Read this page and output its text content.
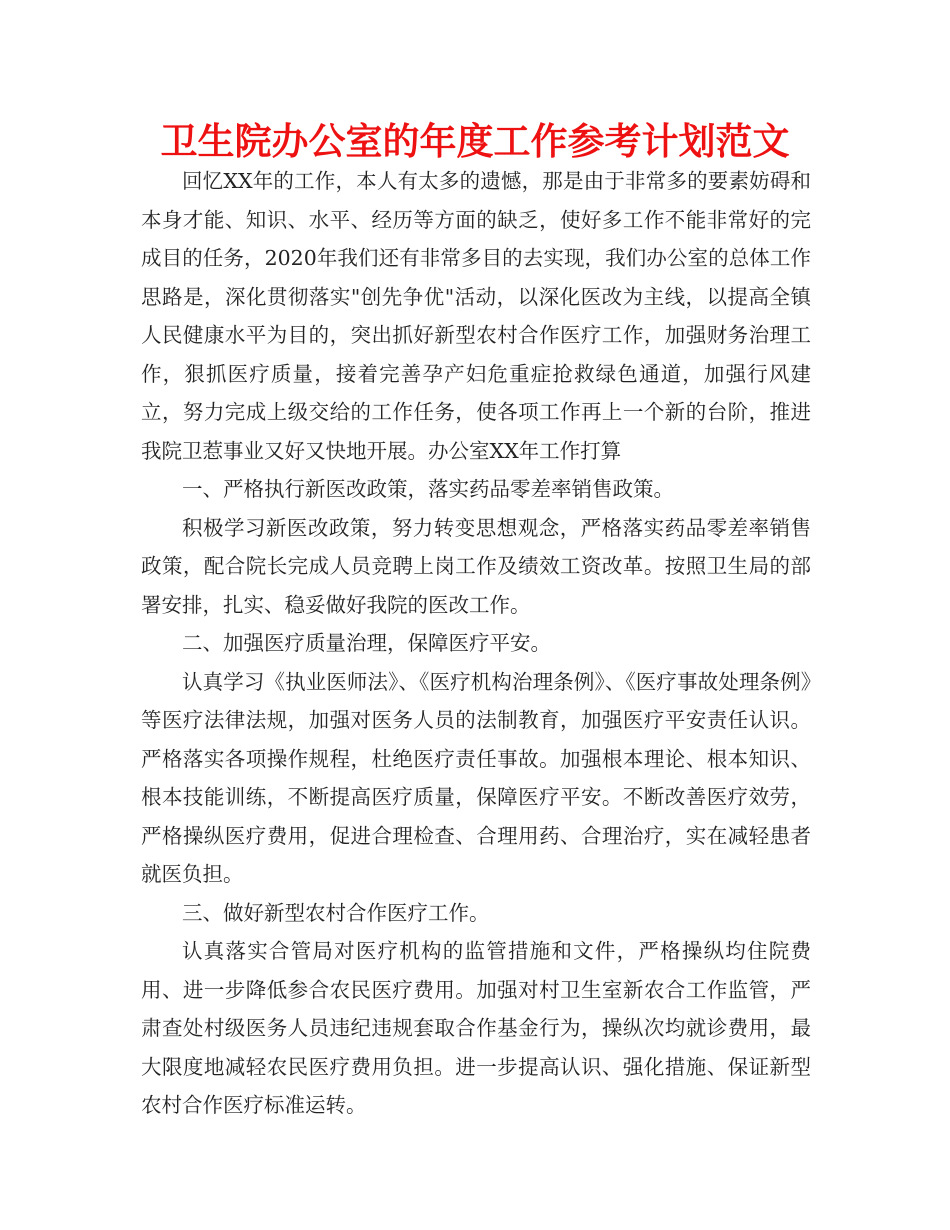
卫生院办公室的年度工作参考计划范文

回忆XX年的工作，本人有太多的遗憾，那是由于非常多的要素妨碍和本身才能、知识、水平、经历等方面的缺乏，使好多工作不能非常好的完成目的任务，2020年我们还有非常多目的去实现，我们办公室的总体工作思路是，深化贯彻落实"创先争优"活动，以深化医改为主线，以提高全镇人民健康水平为目的，突出抓好新型农村合作医疗工作，加强财务治理工作，狠抓医疗质量，接着完善孕产妇危重症抢救绿色通道，加强行风建立，努力完成上级交给的工作任务，使各项工作再上一个新的台阶，推进我院卫惹事业又好又快地开展。办公室XX年工作打算

一、严格执行新医改政策，落实药品零差率销售政策。

积极学习新医改政策，努力转变思想观念，严格落实药品零差率销售政策，配合院长完成人员竞聘上岗工作及绩效工资改革。按照卫生局的部署安排，扎实、稳妥做好我院的医改工作。

二、加强医疗质量治理，保障医疗平安。

认真学习《执业医师法》、《医疗机构治理条例》、《医疗事故处理条例》等医疗法律法规，加强对医务人员的法制教育，加强医疗平安责任认识。严格落实各项操作规程，杜绝医疗责任事故。加强根本理论、根本知识、根本技能训练，不断提高医疗质量，保障医疗平安。不断改善医疗效劳，严格操纵医疗费用，促进合理检查、合理用药、合理治疗，实在减轻患者就医负担。

三、做好新型农村合作医疗工作。

认真落实合管局对医疗机构的监管措施和文件，严格操纵均住院费用、进一步降低参合农民医疗费用。加强对村卫生室新农合工作监管，严肃查处村级医务人员违纪违规套取合作基金行为，操纵次均就诊费用，最大限度地减轻农民医疗费用负担。进一步提高认识、强化措施、保证新型农村合作医疗标准运转。
